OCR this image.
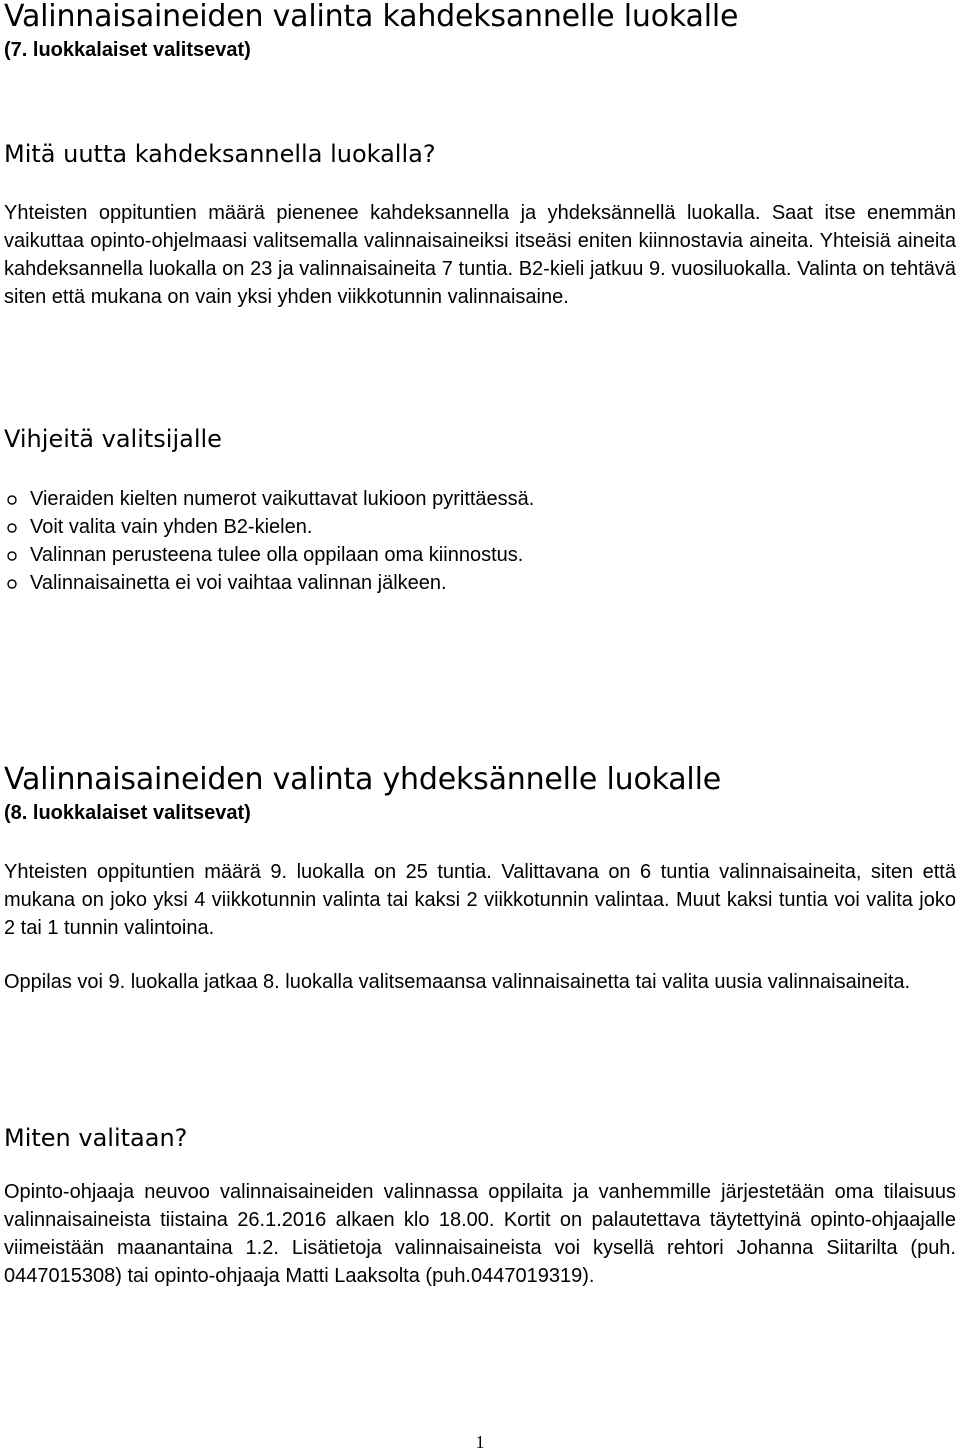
Valinnaisaineiden valinta kahdeksannelle luokalle
(7. luokkalaiset valitsevat)
Mitä uutta kahdeksannella luokalla?

Yhteisten oppituntien määrä pienenee kahdeksannella ja yhdeksännellä luokalla. Saat itse enemmän vaikuttaa opinto-ohjelmaasi valitsemalla valinnaisaineiksi itseäsi eniten kiinnostavia aineita. Yhteisiä aineita kahdeksannella luokalla on 23 ja valinnaisaineita 7 tuntia. B2-kieli jatkuu 9. vuosiluokalla. Valinta on tehtävä siten että mukana on vain yksi yhden viikkotunnin valinnaisaine.

Vihjeitä valitsijalle
Vieraiden kielten numerot vaikuttavat lukioon pyrittäessä.
Voit valita vain yhden B2-kielen.
Valinnan perusteena tulee olla oppilaan oma kiinnostus.
Valinnaisainetta ei voi vaihtaa valinnan jälkeen.
Valinnaisaineiden valinta yhdeksännelle luokalle
(8. luokkalaiset valitsevat)

Yhteisten oppituntien määrä 9. luokalla on 25 tuntia. Valittavana on 6 tuntia valinnaisaineita, siten että mukana on joko yksi 4 viikkotunnin valinta tai kaksi 2 viikkotunnin valintaa. Muut kaksi tuntia voi valita joko 2 tai 1 tunnin valintoina.

Oppilas voi 9. luokalla jatkaa 8. luokalla valitsemaansa valinnaisainetta tai valita uusia valinnaisaineita.

Miten valitaan?

Opinto-ohjaaja neuvoo valinnaisaineiden valinnassa oppilaita ja vanhemmille järjestetään oma tilaisuus valinnaisaineista tiistaina 26.1.2016 alkaen klo 18.00. Kortit on palautettava täytettyinä opinto-ohjaajalle viimeistään maanantaina 1.2. Lisätietoja valinnaisaineista voi kysellä rehtori Johanna Siitarilta (puh. 0447015308) tai opinto-ohjaaja Matti Laaksolta (puh.0447019319).

1
